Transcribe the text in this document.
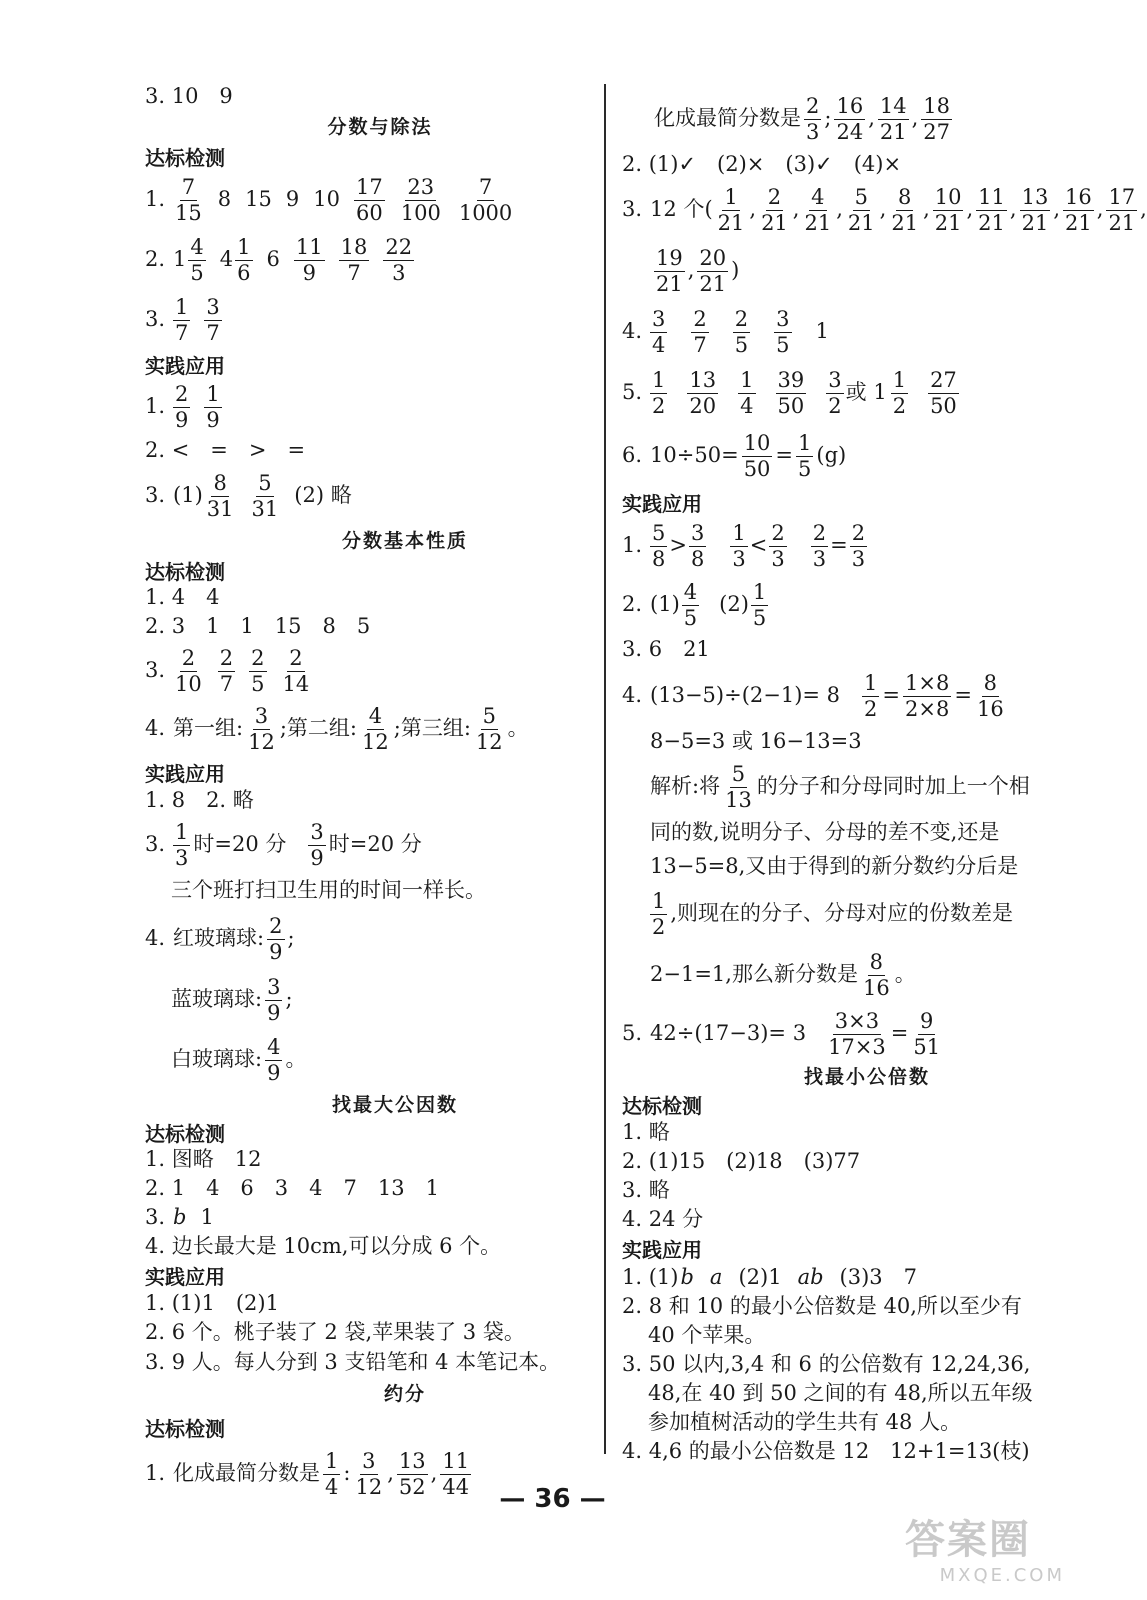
3. 10　9
分数与除法
达标检测
1. $\frac{7}{15} 8$ 15 9 $10 \frac{17}{60} \frac{23}{100} \frac{7}{1000}$
2. $1 \frac{4}{5} 4 \frac{1}{6} 6 \frac{11}{9} \frac{18}{7} \frac{22}{3}$
3. $\frac{1}{7} \frac{3}{7}$
实践应用
1. $\frac{2}{9} \frac{1}{9}$
2. <　=　>　=
3. $(1) \frac{8}{31} \frac{5}{31} (2)$ 略
分数基本性质
达标检测
1. 4　4
2. 3　1　1　15　8　5
3. $\frac{2}{10} \frac{2}{7} \frac{2}{5} \frac{2}{14}$
4. 第一组: $\frac{3}{12}$ ;第二组: $\frac{4}{12}$ ;第三组: $\frac{5}{12}$ 。
实践应用
1. 8　2. 略
3. $\frac{1}{3}$ 时=20 分 $\frac{3}{9}$ 时=20 分
三个班打扫卫生用的时间一样长。
4. 红玻璃球: $\frac{2}{9}$ ;
蓝玻璃球: $\frac{3}{9}$ ;
白玻璃球: $\frac{4}{9}$ 。
找最大公因数
达标检测
1. 图略　12
2. 1　4　6　3　4　7　13　1
3. b 1
4. 边长最大是 10cm,可以分成 6 个。
实践应用
1. (1)1　(2)1
2. 6 个。桃子装了 2 袋,苹果装了 3 袋。
3. 9 人。每人分到 3 支铅笔和 4 本笔记本。
约分
达标检测
1. 化成最简分数是 $\frac{1}{4}$ : $\frac{3}{12}$ , $\frac{13}{52}$ , $\frac{11}{44}$
化成最简分数是 $\frac{2}{3}$ ; $\frac{16}{24}$ , $\frac{14}{21}$ , $\frac{18}{27}$
2. (1)✓　(2)×　(3)✓　(4)×
3. 12 个( $\frac{1}{21}$ , $\frac{2}{21}$ , $\frac{4}{21}$ , $\frac{5}{21}$ , $\frac{8}{21}$ , $\frac{10}{21}$ , $\frac{11}{21}$ , $\frac{13}{21}$ , $\frac{16}{21}$ , $\frac{17}{21}$ ,
$\frac{19}{21}$ , $\frac{20}{21}$ )
4. $\frac{3}{4} \frac{2}{7} \frac{2}{5} \frac{3}{5} 1$
5. $\frac{1}{2} \frac{13}{20} \frac{1}{4} \frac{39}{50} \frac{3}{2}$ 或 $1 \frac{1}{2} \frac{27}{50}$
6. $10\div 50= \frac{10}{50} = \frac{1}{5} (g)$
实践应用
1. $\frac{5}{8} > \frac{3}{8} \frac{1}{3} < \frac{2}{3} \frac{2}{3} = \frac{2}{3}$
2. $(1) \frac{4}{5} (2) \frac{1}{5}$
3. 6　21
4. $(13-5)\div(2-1)= 8 \frac{1}{2} = \frac{1\times 8}{2\times 8} = \frac{8}{16}$
8−5=3 或 16−13=3
解析:将 $\frac{5}{13}$ 的分子和分母同时加上一个相
同的数,说明分子、分母的差不变,还是
13−5=8,又由于得到的新分数约分后是
$\frac{1}{2}$ ,则现在的分子、分母对应的份数差是
2−1=1,那么新分数是 $\frac{8}{16}$ 。
5. $42\div(17-3)= 3 \frac{3\times 3}{17\times 3} = \frac{9}{51}$
找最小公倍数
达标检测
1. 略
2. (1)15　(2)18　(3)77
3. 略
4. 24 分
实践应用
1. (1) b a (2)1 ab (3)3　7
2. 8 和 10 的最小公倍数是 40,所以至少有
40 个苹果。
3. 50 以内,3,4 和 6 的公倍数有 12,24,36,
48,在 40 到 50 之间的有 48,所以五年级
参加植树活动的学生共有 48 人。
4. 4,6 的最小公倍数是 12　12+1=13(枝)
— 36 —
答案圈
MXQE.COM
